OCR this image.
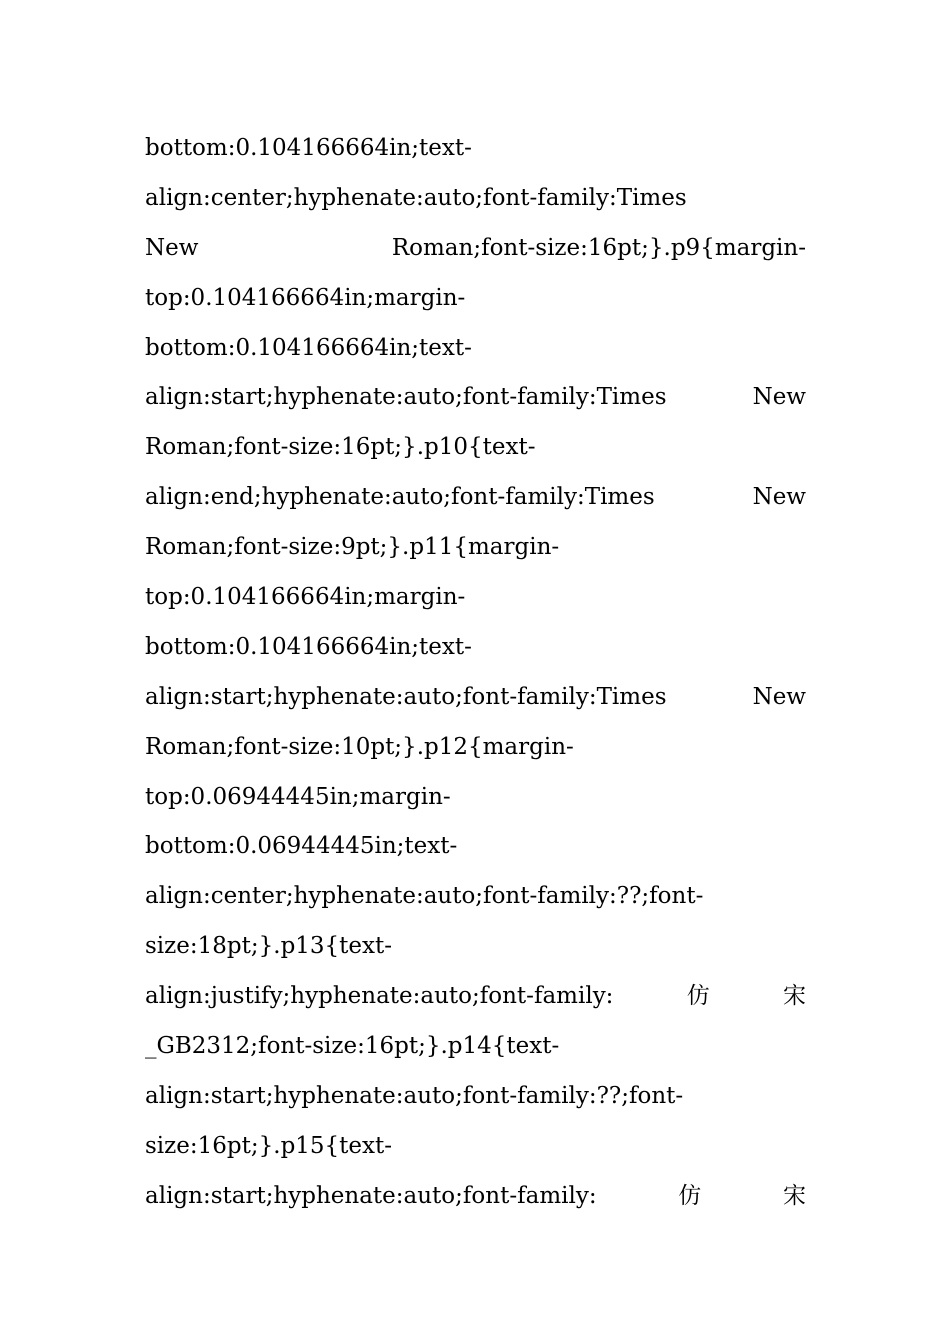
bottom:0.104166664in;text-
align:center;hyphenate:auto;font-family:Times
New	Roman;font-size:16pt;}.p9{margin-
top:0.104166664in;margin-
bottom:0.104166664in;text-
align:start;hyphenate:auto;font-family:Times	New
Roman;font-size:16pt;}.p10{text-
align:end;hyphenate:auto;font-family:Times	New
Roman;font-size:9pt;}.p11{margin-
top:0.104166664in;margin-
bottom:0.104166664in;text-
align:start;hyphenate:auto;font-family:Times	New
Roman;font-size:10pt;}.p12{margin-
top:0.06944445in;margin-
bottom:0.06944445in;text-
align:center;hyphenate:auto;font-family:??;font-
size:18pt;}.p13{text-
align:justify;hyphenate:auto;font-family:	仿	宋
_GB2312;font-size:16pt;}.p14{text-
align:start;hyphenate:auto;font-family:??;font-
size:16pt;}.p15{text-
align:start;hyphenate:auto;font-family:	仿	宋
